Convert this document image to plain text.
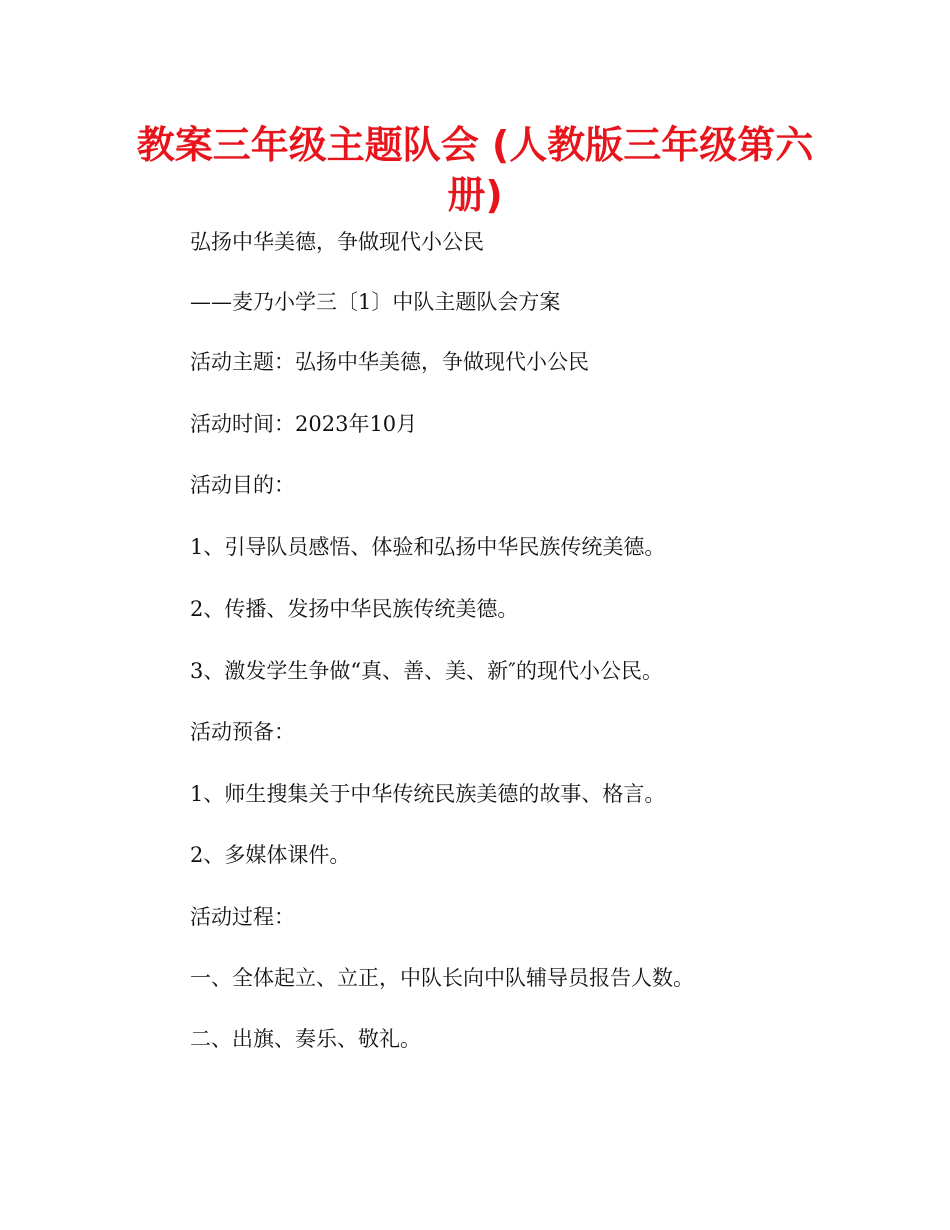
教案三年级主题队会 (人教版三年级第六册)
弘扬中华美德，争做现代小公民
——麦乃小学三〔1〕中队主题队会方案
活动主题：弘扬中华美德，争做现代小公民
活动时间：2023年10月
活动目的：
1、引导队员感悟、体验和弘扬中华民族传统美德。
2、传播、发扬中华民族传统美德。
3、激发学生争做“真、善、美、新″的现代小公民。
活动预备：
1、师生搜集关于中华传统民族美德的故事、格言。
2、多媒体课件。
活动过程：
一、全体起立、立正，中队长向中队辅导员报告人数。
二、出旗、奏乐、敬礼。
